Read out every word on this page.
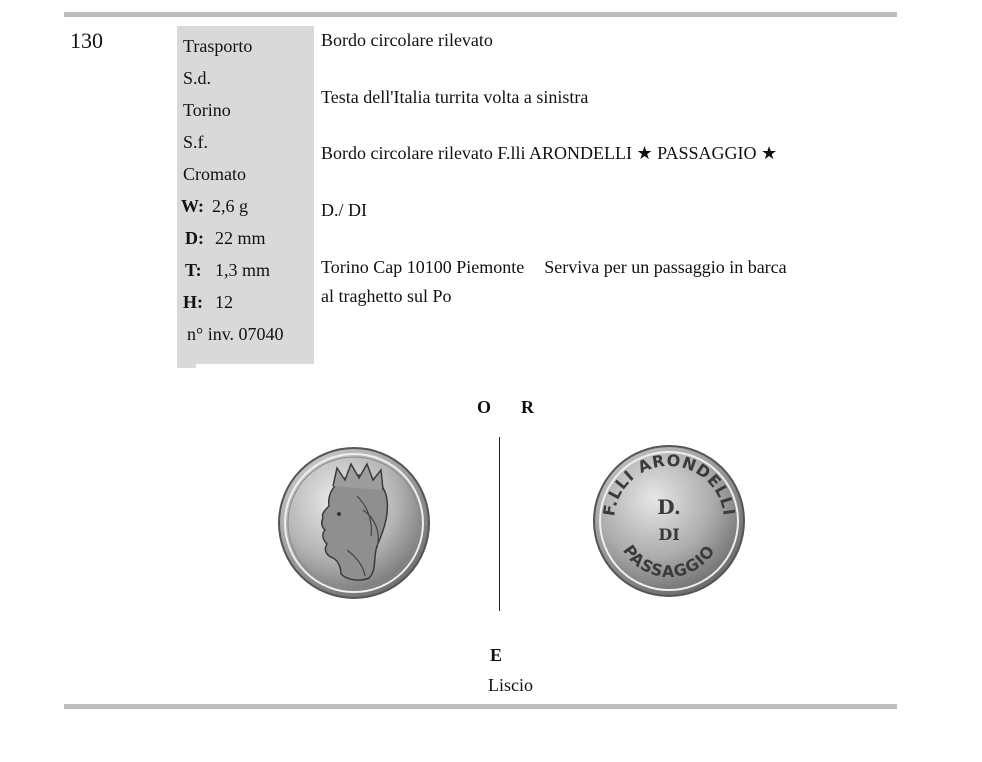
130	Trasporto
S.d.
Torino
S.f.
Cromato
W: 2,6 g
D: 22 mm
T: 1,3 mm
H: 12
n° inv. 07040
Bordo circolare rilevato
Testa dell'Italia turrita volta a sinistra
Bordo circolare rilevato F.lli ARONDELLI ★ PASSAGGIO ★
D./ DI
Torino Cap 10100 Piemonte Serviva per un passaggio in barca
al traghetto sul Po
O R
F.LLI ARONDELLI
PASSAGGIO
D.
DI
E
Liscio
